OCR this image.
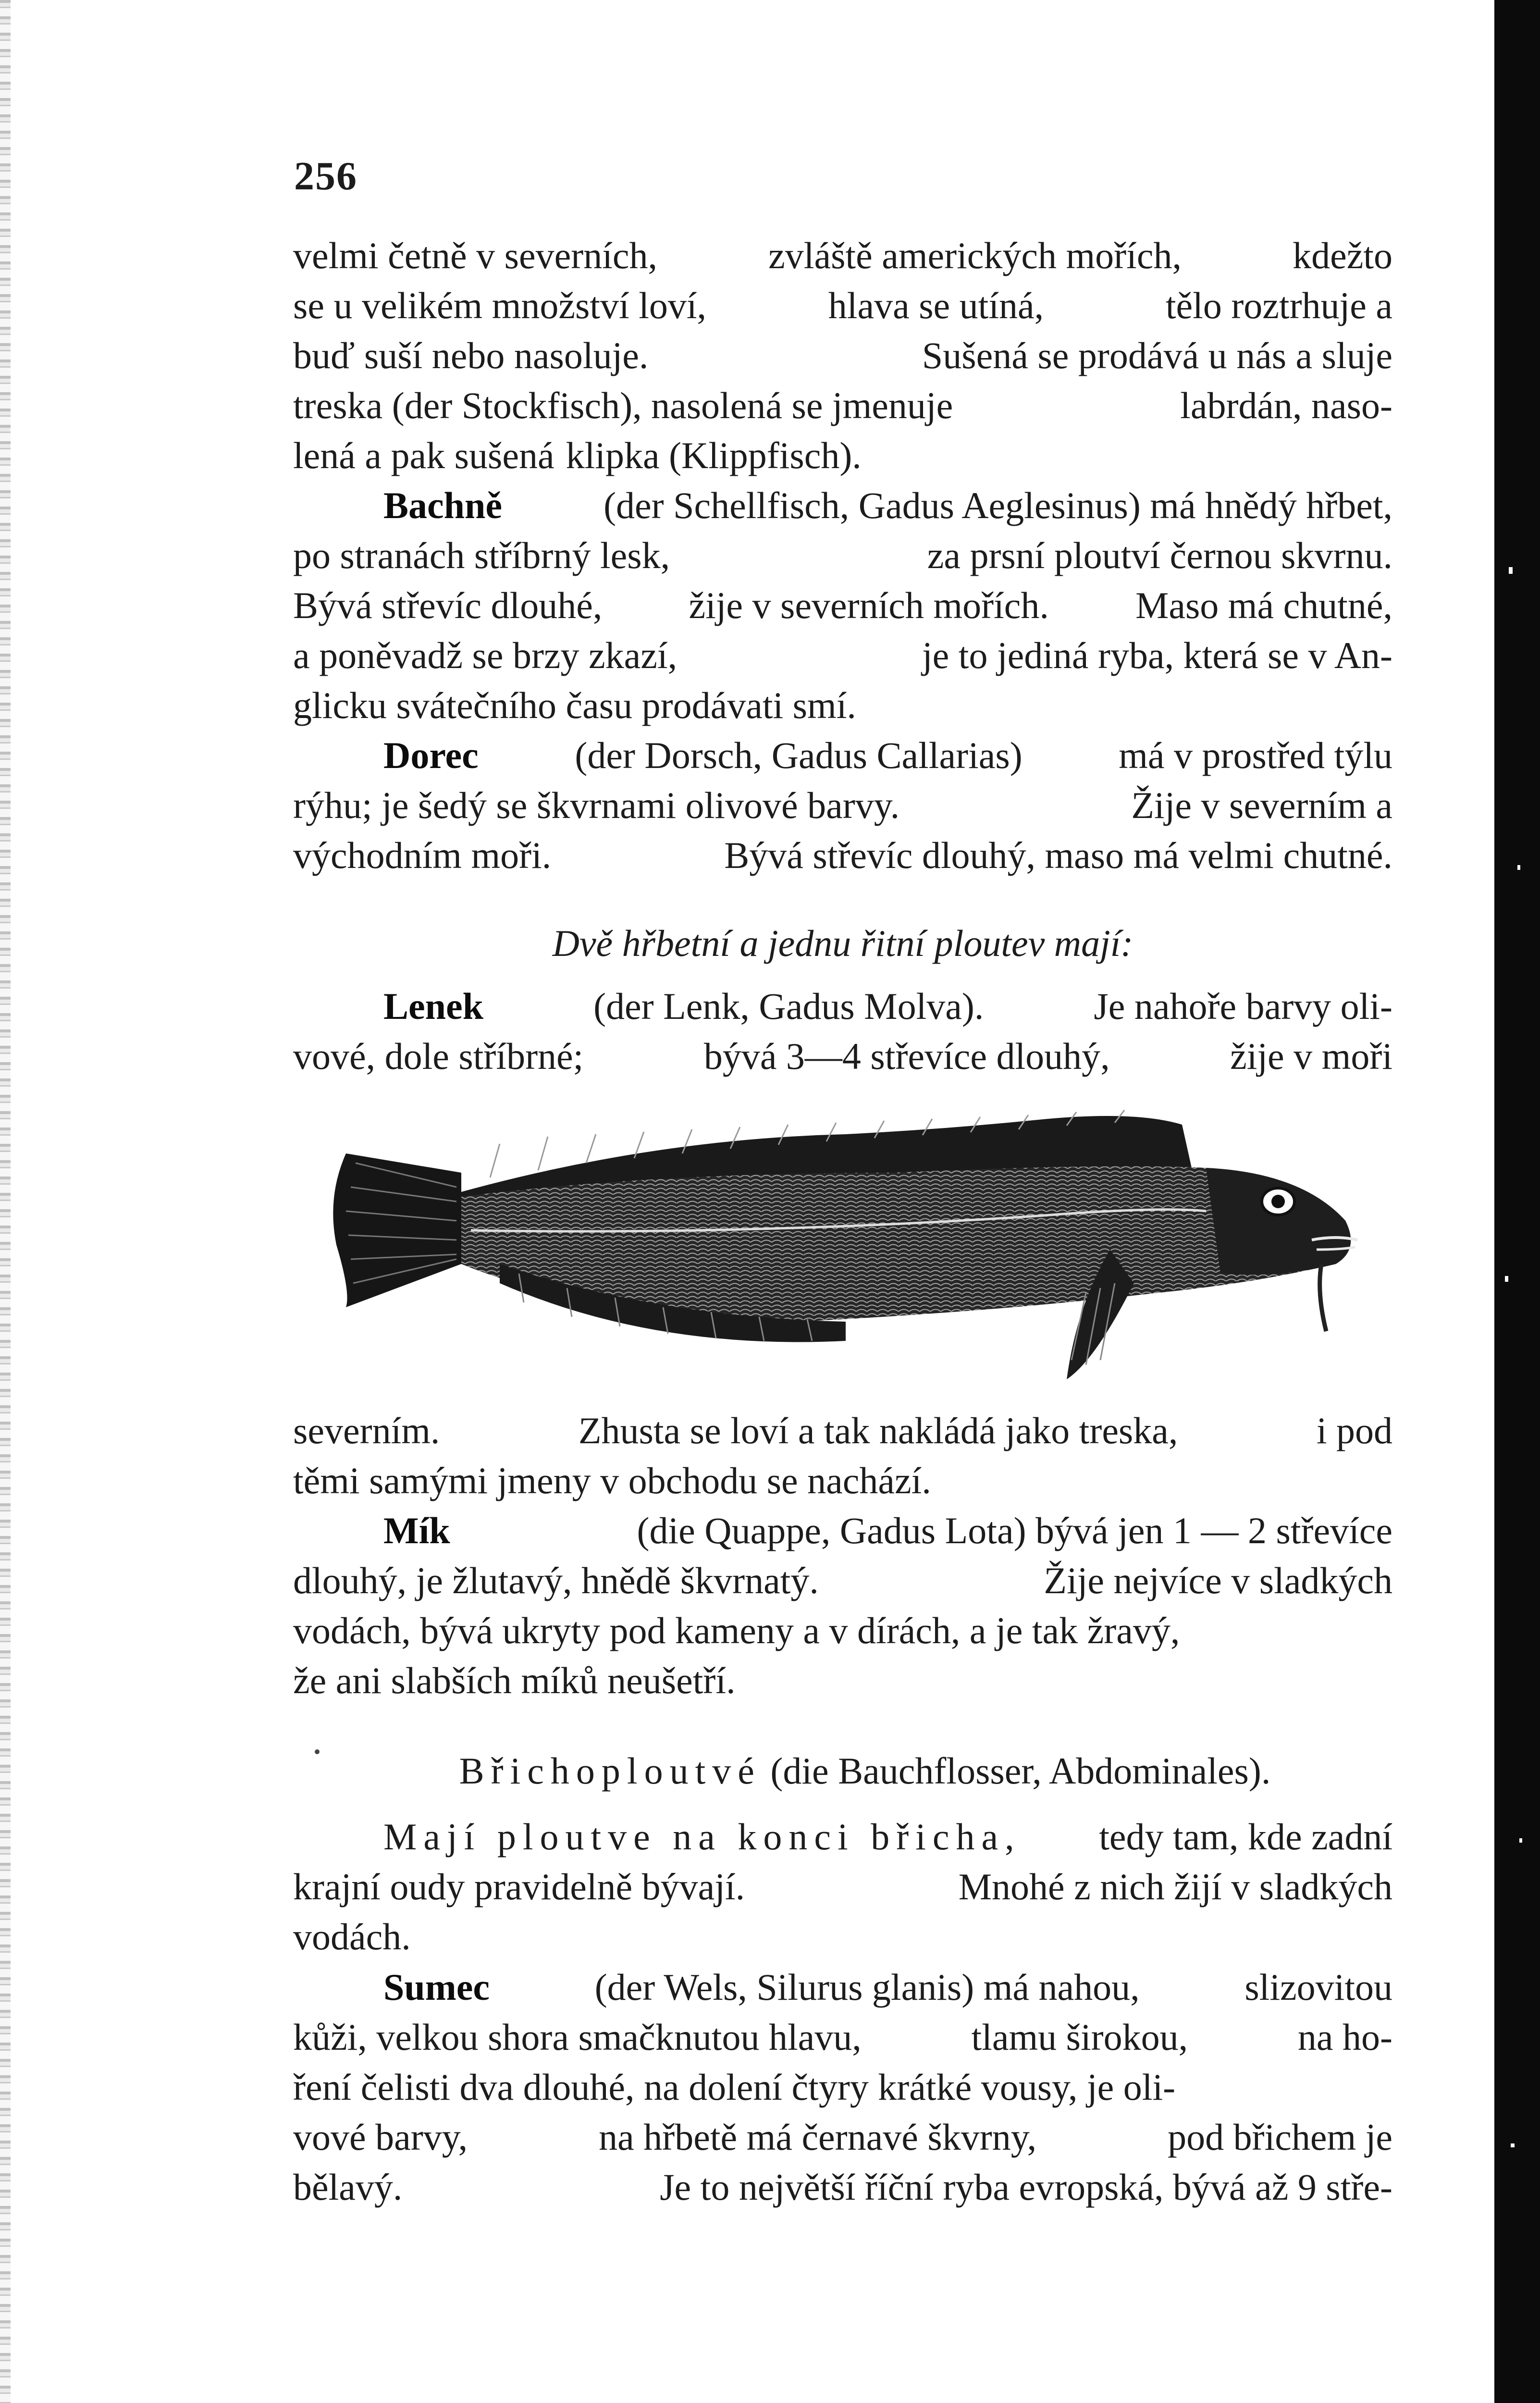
256
velmi četně v severních,	zvláště amerických mořích,	kdežto
se u velikém množství loví,	hlava se utíná,	tělo roztrhuje a
buď suší nebo nasoluje.	Sušená se prodává u nás a sluje
treska (der Stockfisch), nasolená se jmenuje	labrdán, naso-
lená a pak sušená klipka (Klippfisch).
Bachně	(der Schellfisch, Gadus Aeglesinus) má hnědý hřbet,
po stranách stříbrný lesk,	za prsní ploutví černou skvrnu.
Bývá střevíc dlouhé, žije v severních mořích. Maso má chutné,
a poněvadž se brzy zkazí,	je to jediná ryba, která se v An-
glicku svátečního času prodávati smí.
Dorec	(der Dorsch, Gadus Callarias)	má v prostřed týlu
rýhu; je šedý se škvrnami olivové barvy.	Žije v severním a
východním moři.	Bývá střevíc dlouhý, maso má velmi chutné.
Dvě hřbetní a jednu řitní ploutev mají:
Lenek	(der Lenk, Gadus Molva).	Je nahoře barvy oli-
vové, dole stříbrné;	bývá 3—4 střevíce dlouhý,	žije v moři
severním.	Zhusta se loví a tak nakládá jako treska,	i pod
těmi samými jmeny v obchodu se nachází.
Mík	(die Quappe, Gadus Lota) bývá jen 1 — 2 střevíce
dlouhý, je žlutavý, hnědě škvrnatý.	Žije nejvíce v sladkých
vodách, bývá ukryty pod kameny a v dírách, a je tak žravý,
že ani slabších míků neušetří.
Břichoploutvé (die Bauchflosser, Abdominales).
Mají ploutve na konci břicha, tedy tam, kde zadní
krajní oudy pravidelně bývají.	Mnohé z nich žijí v sladkých
vodách.
Sumec	(der Wels, Silurus glanis) má nahou,	slizovitou
kůži, velkou shora smačknutou hlavu,	tlamu širokou,	na ho-
ření čelisti dva dlouhé, na dolení čtyry krátké vousy, je oli-
vové barvy,	na hřbetě má černavé škvrny,	pod břichem je
bělavý.	Je to největší říční ryba evropská, bývá až 9 stře-
